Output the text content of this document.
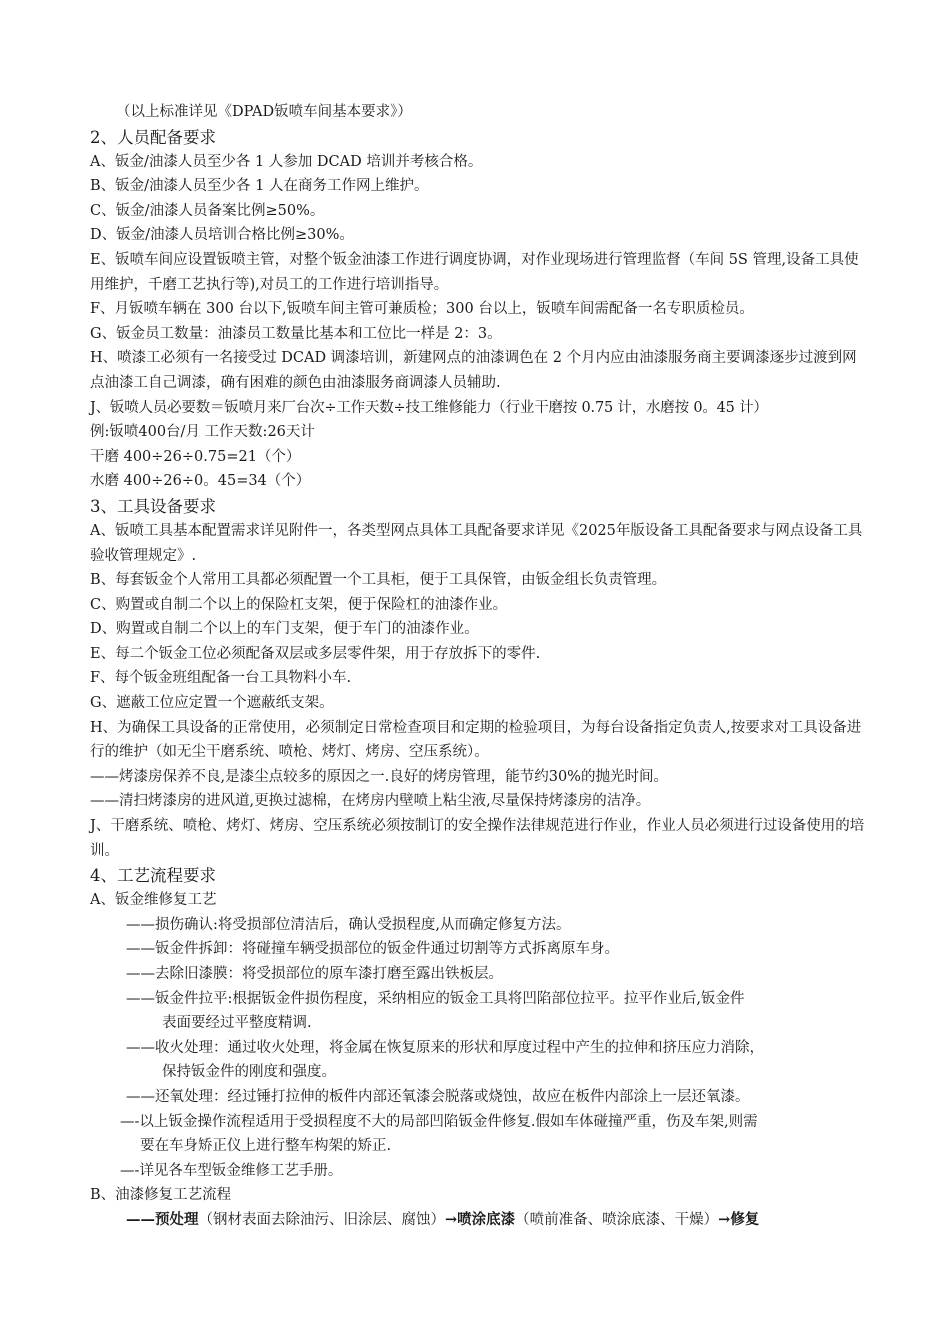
（以上标准详见《DPAD钣喷车间基本要求》）
2、人员配备要求
A、钣金/油漆人员至少各 1 人参加 DCAD 培训并考核合格。
B、钣金/油漆人员至少各 1 人在商务工作网上维护。
C、钣金/油漆人员备案比例≥50%。
D、钣金/油漆人员培训合格比例≥30%。
E、钣喷车间应设置钣喷主管，对整个钣金油漆工作进行调度协调，对作业现场进行管理监督（车间 5S 管理,设备工具使用维护，千磨工艺执行等),对员工的工作进行培训指导。
F、月钣喷车辆在 300 台以下,钣喷车间主管可兼质检；300 台以上，钣喷车间需配备一名专职质检员。
G、钣金员工数量：油漆员工数量比基本和工位比一样是 2：3。
H、喷漆工必须有一名接受过 DCAD 调漆培训，新建网点的油漆调色在 2 个月内应由油漆服务商主要调漆逐步过渡到网点油漆工自己调漆，确有困难的颜色由油漆服务商调漆人员辅助.
J、钣喷人员必要数＝钣喷月来厂台次÷工作天数÷技工维修能力（行业干磨按 0.75 计，水磨按 0。45 计）
例:钣喷400台/月 工作天数:26天计
干磨 400÷26÷0.75=21（个）
水磨 400÷26÷0。45=34（个）
3、工具设备要求
A、钣喷工具基本配置需求详见附件一，各类型网点具体工具配备要求详见《2025年版设备工具配备要求与网点设备工具验收管理规定》.
B、每套钣金个人常用工具都必须配置一个工具柜，便于工具保管，由钣金组长负责管理。
C、购置或自制二个以上的保险杠支架，便于保险杠的油漆作业。
D、购置或自制二个以上的车门支架，便于车门的油漆作业。
E、每二个钣金工位必须配备双层或多层零件架，用于存放拆下的零件.
F、每个钣金班组配备一台工具物料小车.
G、遮蔽工位应定置一个遮蔽纸支架。
H、为确保工具设备的正常使用，必须制定日常检查项目和定期的检验项目，为每台设备指定负责人,按要求对工具设备进行的维护（如无尘干磨系统、喷枪、烤灯、烤房、空压系统）。
——烤漆房保养不良,是漆尘点较多的原因之一.良好的烤房管理，能节约30%的抛光时间。
——清扫烤漆房的进风道,更换过滤棉，在烤房内壁喷上粘尘液,尽量保持烤漆房的洁净。
J、干磨系统、喷枪、烤灯、烤房、空压系统必须按制订的安全操作法律规范进行作业，作业人员必须进行过设备使用的培训。
4、工艺流程要求
A、钣金维修复工艺
——损伤确认:将受损部位清洁后，确认受损程度,从而确定修复方法。
——钣金件拆卸：将碰撞车辆受损部位的钣金件通过切割等方式拆离原车身。
——去除旧漆膜：将受损部位的原车漆打磨至露出铁板层。
——钣金件拉平:根据钣金件损伤程度，采纳相应的钣金工具将凹陷部位拉平。拉平作业后,钣金件
表面要经过平整度精调.
——收火处理：通过收火处理，将金属在恢复原来的形状和厚度过程中产生的拉伸和挤压应力消除，
保持钣金件的刚度和强度。
——还氧处理：经过锤打拉伸的板件内部还氧漆会脱落或烧蚀，故应在板件内部涂上一层还氧漆。
—-以上钣金操作流程适用于受损程度不大的局部凹陷钣金件修复.假如车体碰撞严重，伤及车架,则需
要在车身矫正仪上进行整车构架的矫正.
—-详见各车型钣金维修工艺手册。
B、油漆修复工艺流程
——预处理（钢材表面去除油污、旧涂层、腐蚀）→喷涂底漆（喷前准备、喷涂底漆、干燥）→修复
